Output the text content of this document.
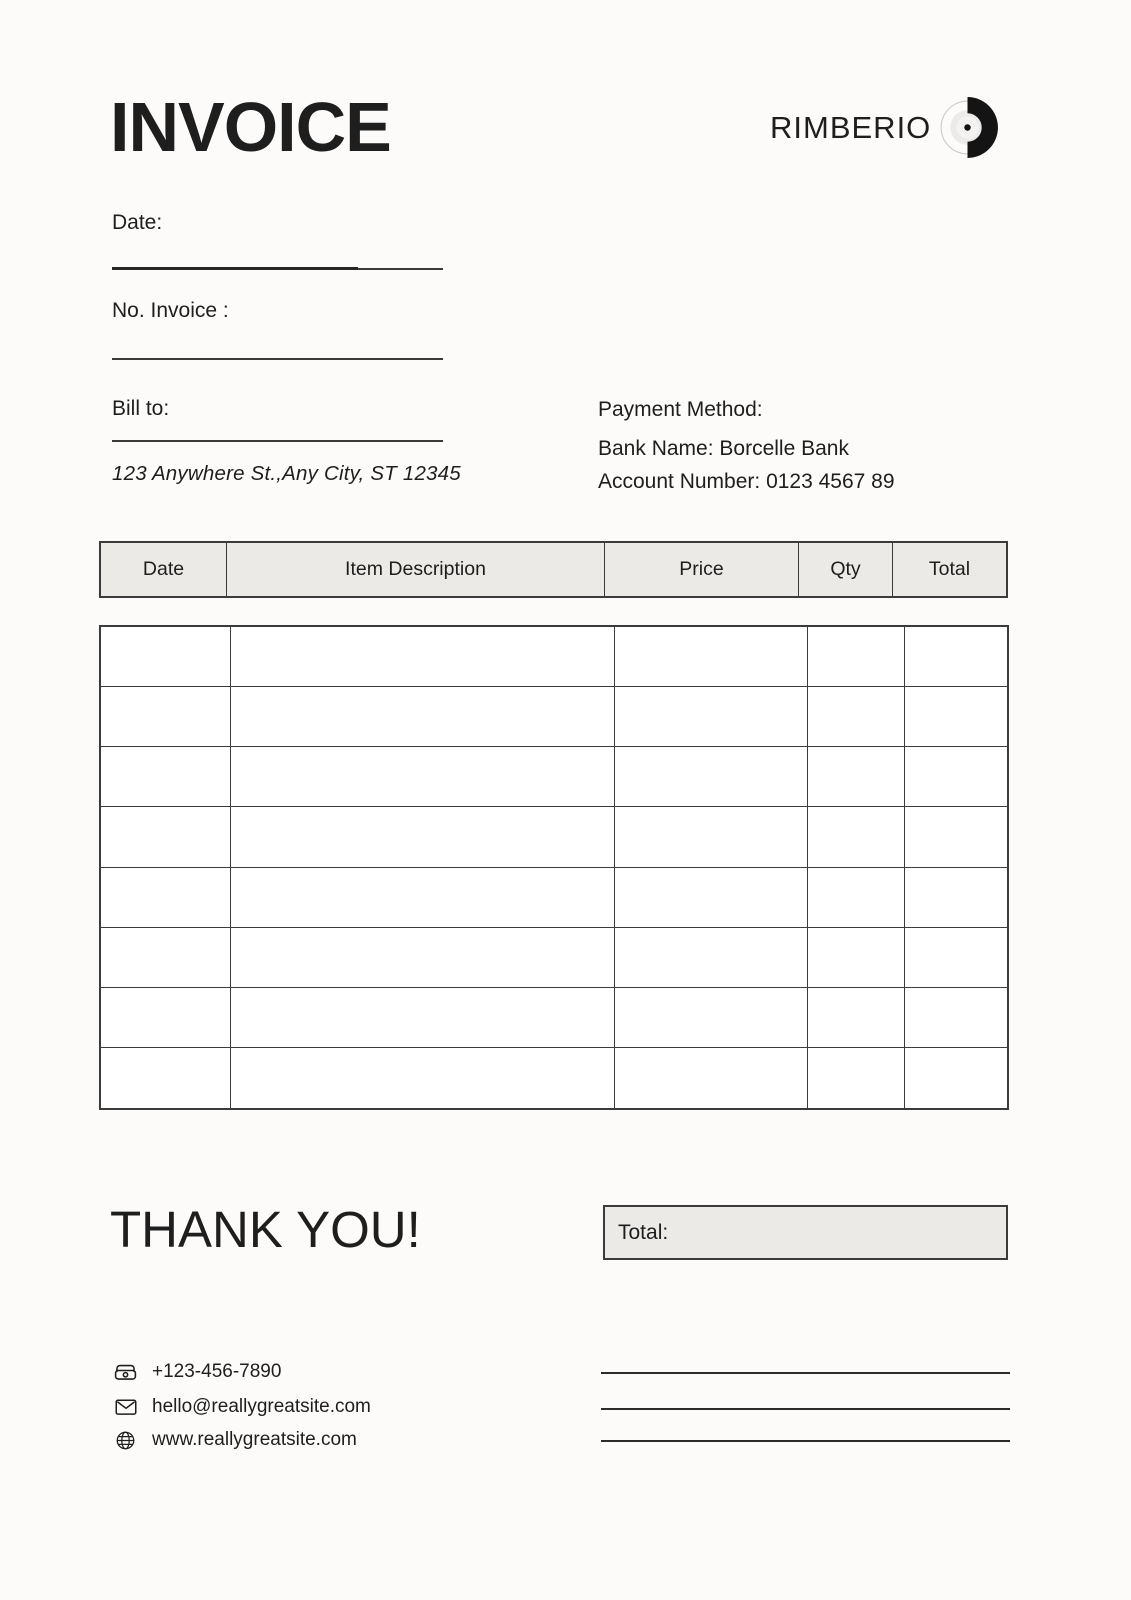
INVOICE	RIMBERIO
Date:
No. Invoice :
Bill to:
123 Anywhere St.,Any City, ST 12345
Payment Method:
Bank Name: Borcelle Bank
Account Number: 0123 4567 89
Date	Item Description	Price	Qty	Total
THANK YOU!	Total:
+123-456-7890
hello@reallygreatsite.com
www.reallygreatsite.com
